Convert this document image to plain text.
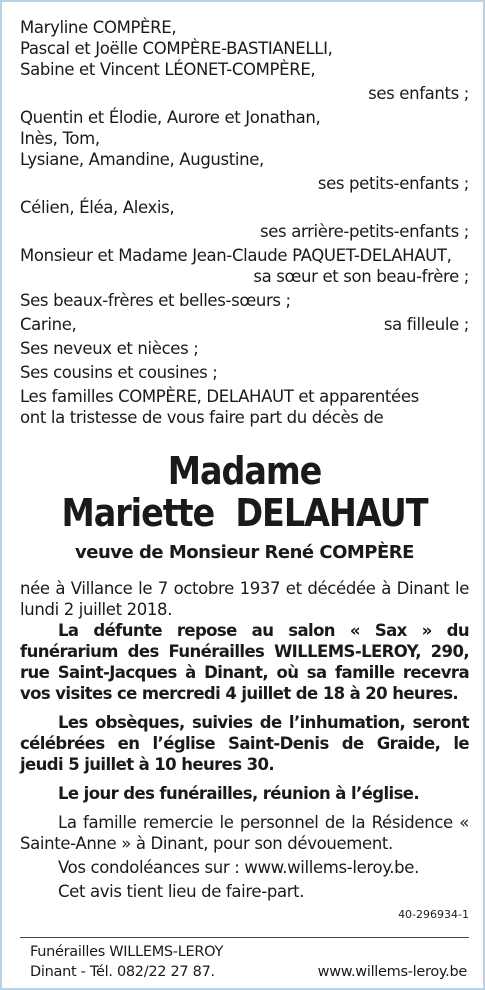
Maryline COMPÈRE,
Pascal et Joëlle COMPÈRE-BASTIANELLI,
Sabine et Vincent LÉONET-COMPÈRE,
ses enfants ;
Quentin et Élodie, Aurore et Jonathan,
Inès, Tom,
Lysiane, Amandine, Augustine,
ses petits-enfants ;
Célien, Éléa, Alexis,
ses arrière-petits-enfants ;
Monsieur et Madame Jean-Claude PAQUET-DELAHAUT,
sa sœur et son beau-frère ;
Ses beaux-frères et belles-sœurs ;
Carine,	sa filleule ;
Ses neveux et nièces ;
Ses cousins et cousines ;
Les familles COMPÈRE, DELAHAUT et apparentées
ont la tristesse de vous faire part du décès de
Madame
Mariette  DELAHAUT
veuve de Monsieur René COMPÈRE
née à Villance le 7 octobre 1937 et décédée à Dinant le lundi 2 juillet 2018.
La défunte repose au salon « Sax » du funérarium des Funérailles WILLEMS-LEROY, 290, rue Saint-Jacques à Dinant, où sa famille recevra vos visites ce mercredi 4 juillet de 18 à 20 heures.
Les obsèques, suivies de l’inhumation, seront célébrées en l’église Saint-Denis de Graide, le jeudi 5 juillet à 10 heures 30.
Le jour des funérailles, réunion à l’église.
La famille remercie le personnel de la Résidence « Sainte-Anne » à Dinant, pour son dévouement.
Vos condoléances sur : www.willems-leroy.be.
Cet avis tient lieu de faire-part.
40-296934-1
Funérailles WILLEMS-LEROY
Dinant - Tél. 082/22 27 87.	www.willems-leroy.be
